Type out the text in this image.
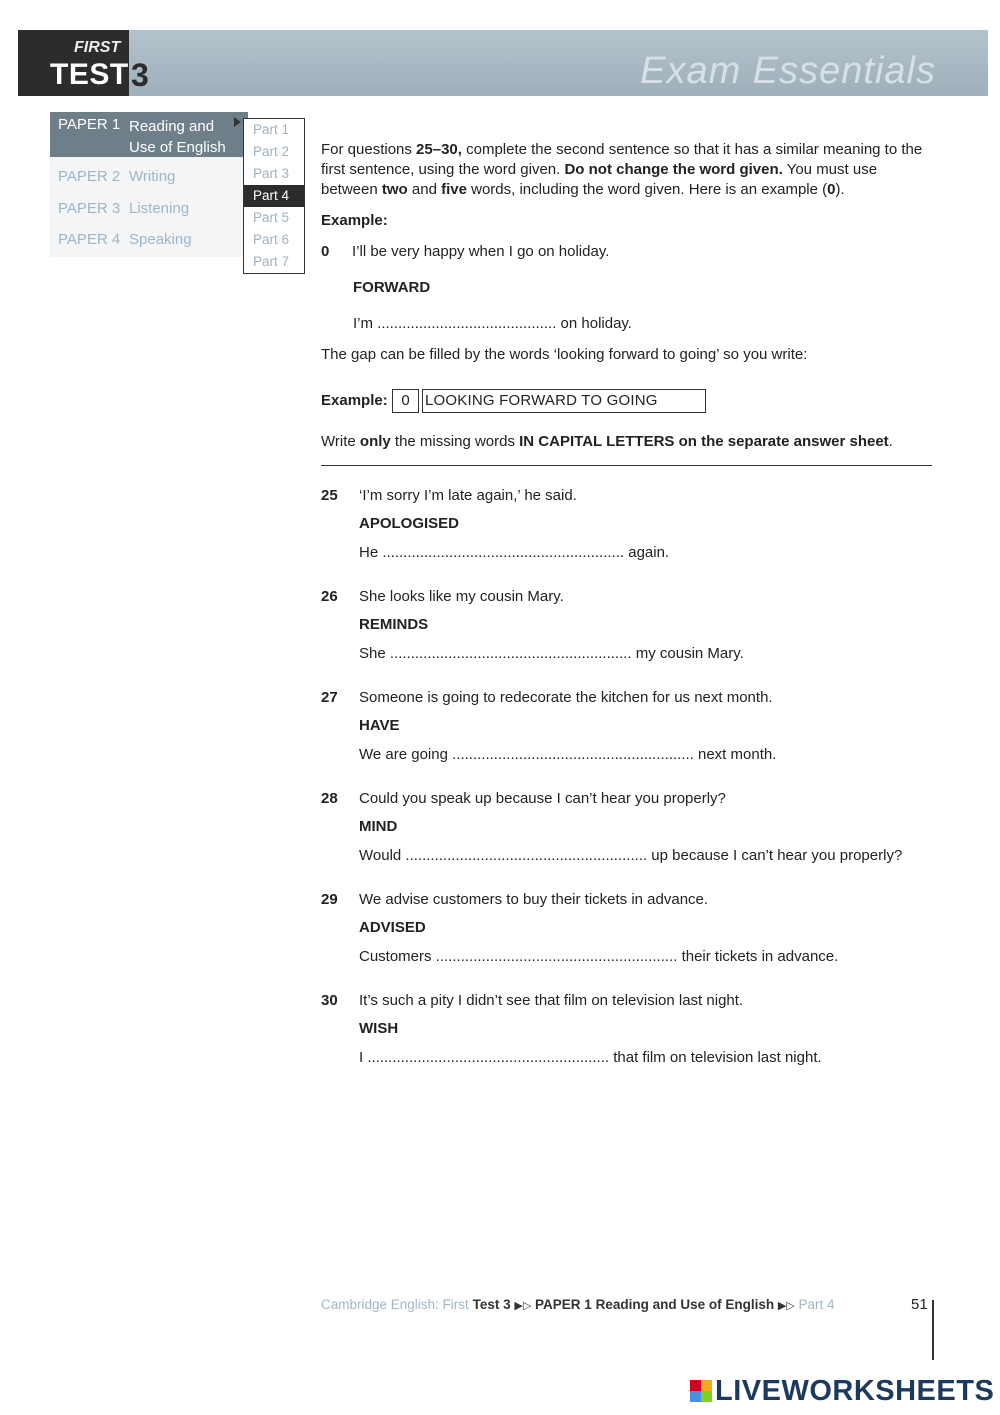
FIRST
TEST 3	Exam Essentials
PAPER 1 Reading and Use of English
PAPER 2 Writing
PAPER 3 Listening
PAPER 4 Speaking
Part 1
Part 2
Part 3
Part 4
Part 5
Part 6
Part 7
For questions 25–30, complete the second sentence so that it has a similar meaning to the first sentence, using the word given. Do not change the word given. You must use between two and five words, including the word given. Here is an example (0).
Example:
0 I’ll be very happy when I go on holiday.
FORWARD
I’m ........................................... on holiday.
The gap can be filled by the words ‘looking forward to going’ so you write:
Example: 0	LOOKING FORWARD TO GOING
Write only the missing words IN CAPITAL LETTERS on the separate answer sheet.
25 ‘I’m sorry I’m late again,’ he said.
APOLOGISED
He .......................................................... again.
26 She looks like my cousin Mary.
REMINDS
She .......................................................... my cousin Mary.
27 Someone is going to redecorate the kitchen for us next month.
HAVE
We are going .......................................................... next month.
28 Could you speak up because I can’t hear you properly?
MIND
Would .......................................................... up because I can’t hear you properly?
29 We advise customers to buy their tickets in advance.
ADVISED
Customers .......................................................... their tickets in advance.
30 It’s such a pity I didn’t see that film on television last night.
WISH
I .......................................................... that film on television last night.
Cambridge English: First Test 3 ▶▷ PAPER 1 Reading and Use of English ▶▷ Part 4	51
LIVEWORKSHEETS
